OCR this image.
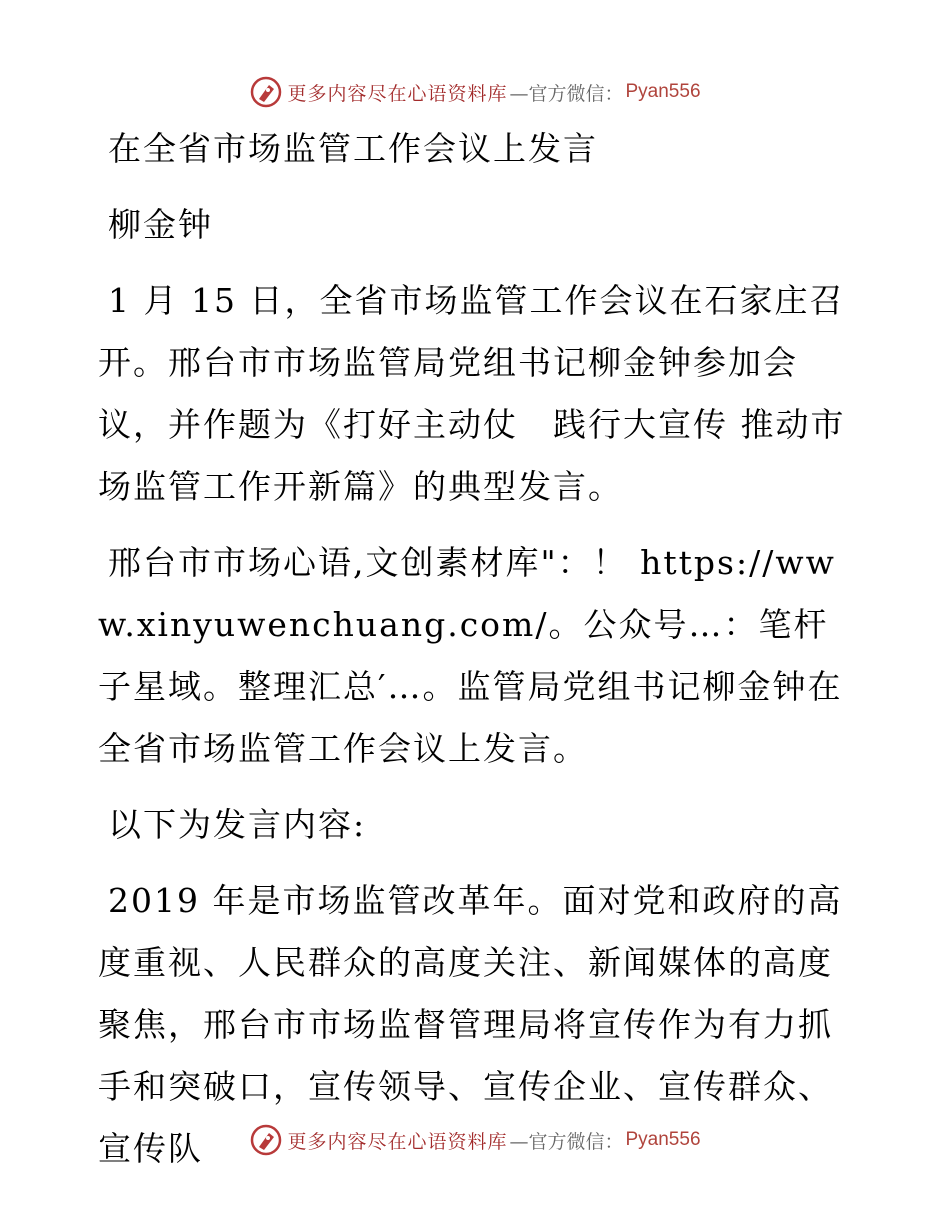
更多内容尽在心语资料库 —官方微信： Pyan556

在全省市场监管工作会议上发言

柳金钟

1 月 15 日，全省市场监管工作会议在石家庄召开。邢台市市场监管局党组书记柳金钟参加会议，并作题为《打好主动仗　践行大宣传 推动市场监管工作开新篇》的典型发言。

邢台市市场心语,文创素材库"：！ https://www.xinyuwenchuang.com/。公众号…：笔杆子星域。整理汇总′…。监管局党组书记柳金钟在全省市场监管工作会议上发言。

以下为发言内容:

2019 年是市场监管改革年。面对党和政府的高度重视、人民群众的高度关注、新闻媒体的高度聚焦，邢台市市场监督管理局将宣传作为有力抓手和突破口，宣传领导、宣传企业、宣传群众、宣传队	更多内容尽在心语资料库 —官方微信： Pyan556
